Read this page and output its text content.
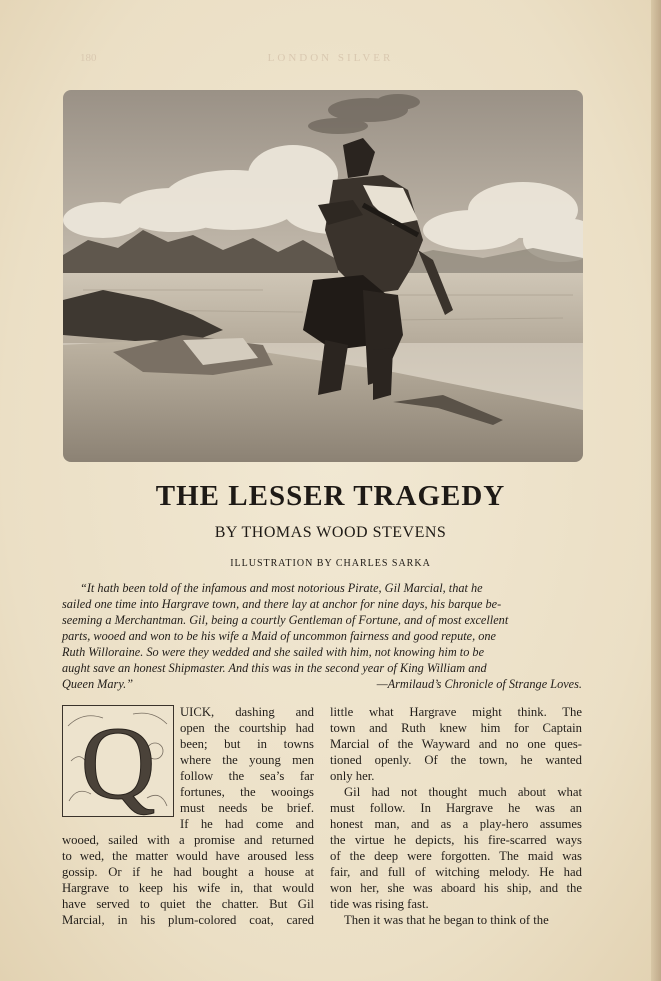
180	LONDON SILVER
THE LESSER TRAGEDY
BY THOMAS WOOD STEVENS
ILLUSTRATION BY CHARLES SARKA
“It hath been told of the infamous and most notorious Pirate, Gil Marcial, that he
sailed one time into Hargrave town, and there lay at anchor for nine days, his barque be-
seeming a Merchantman. Gil, being a courtly Gentleman of Fortune, and of most excellent
parts, wooed and won to be his wife a Maid of uncommon fairness and good repute, one
Ruth Willoraine. So were they wedded and she sailed with him, not knowing him to be
aught save an honest Shipmaster. And this was in the second year of King William and
Queen Mary.”	—Armilaud’s Chronicle of Strange Loves.
Q UICK, dashing and
open the courtship had
been; but in towns
where the young men
follow the sea’s far
fortunes, the wooings
must needs be brief.
If he had come and
wooed, sailed with a promise and returned
to wed, the matter would have aroused less
gossip. Or if he had bought a house at
Hargrave to keep his wife in, that would
have served to quiet the chatter. But Gil
Marcial, in his plum-colored coat, cared
little what Hargrave might think. The
town and Ruth knew him for Captain
Marcial of the Wayward and no one ques-
tioned openly. Of the town, he wanted
only her.
Gil had not thought much about what
must follow. In Hargrave he was an
honest man, and as a play-hero assumes
the virtue he depicts, his fire-scarred ways
of the deep were forgotten. The maid was
fair, and full of witching melody. He had
won her, she was aboard his ship, and the
tide was rising fast.
Then it was that he began to think of the
